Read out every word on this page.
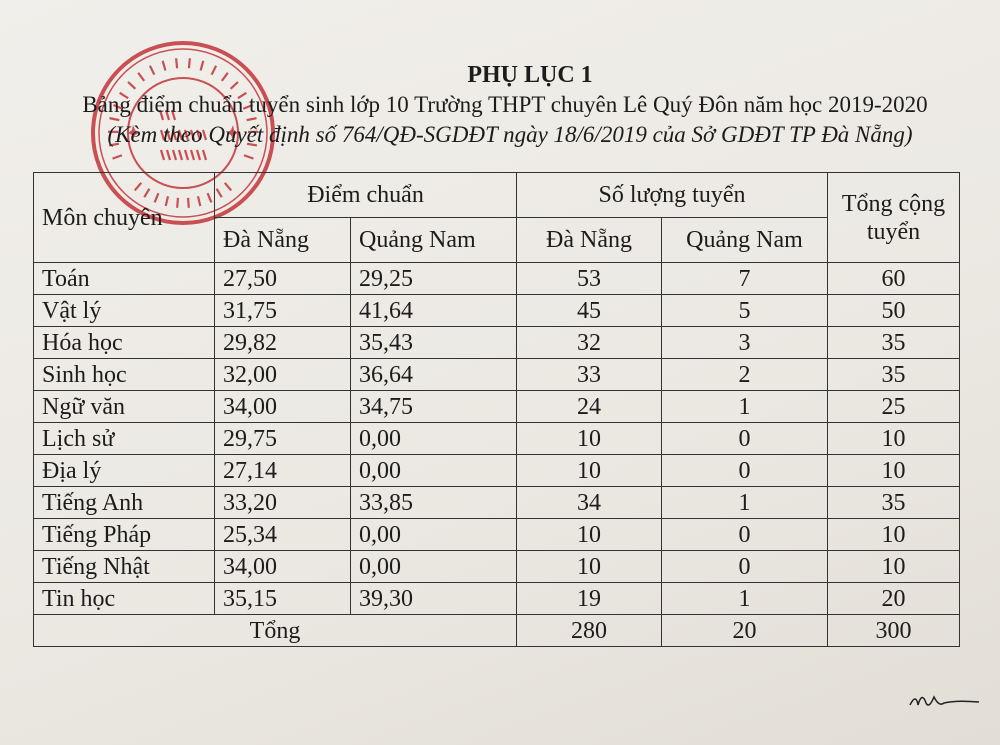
PHỤ LỤC 1
Bảng điểm chuẩn tuyển sinh lớp 10 Trường THPT chuyên Lê Quý Đôn năm học 2019-2020
(Kèm theo Quyết định số 764/QĐ-SGDĐT ngày 18/6/2019 của Sở GDĐT TP Đà Nẵng)
Môn chuyên	Điểm chuẩn		Số lượng tuyển		Tổng cộng tuyển
	Đà Nẵng	Quảng Nam	Đà Nẵng	Quảng Nam	
Toán	27,50	29,25	53	7	60
Vật lý	31,75	41,64	45	5	50
Hóa học	29,82	35,43	32	3	35
Sinh học	32,00	36,64	33	2	35
Ngữ văn	34,00	34,75	24	1	25
Lịch sử	29,75	0,00	10	0	10
Địa lý	27,14	0,00	10	0	10
Tiếng Anh	33,20	33,85	34	1	35
Tiếng Pháp	25,34	0,00	10	0	10
Tiếng Nhật	34,00	0,00	10	0	10
Tin học	35,15	39,30	19	1	20
Tổng			280	20	300
